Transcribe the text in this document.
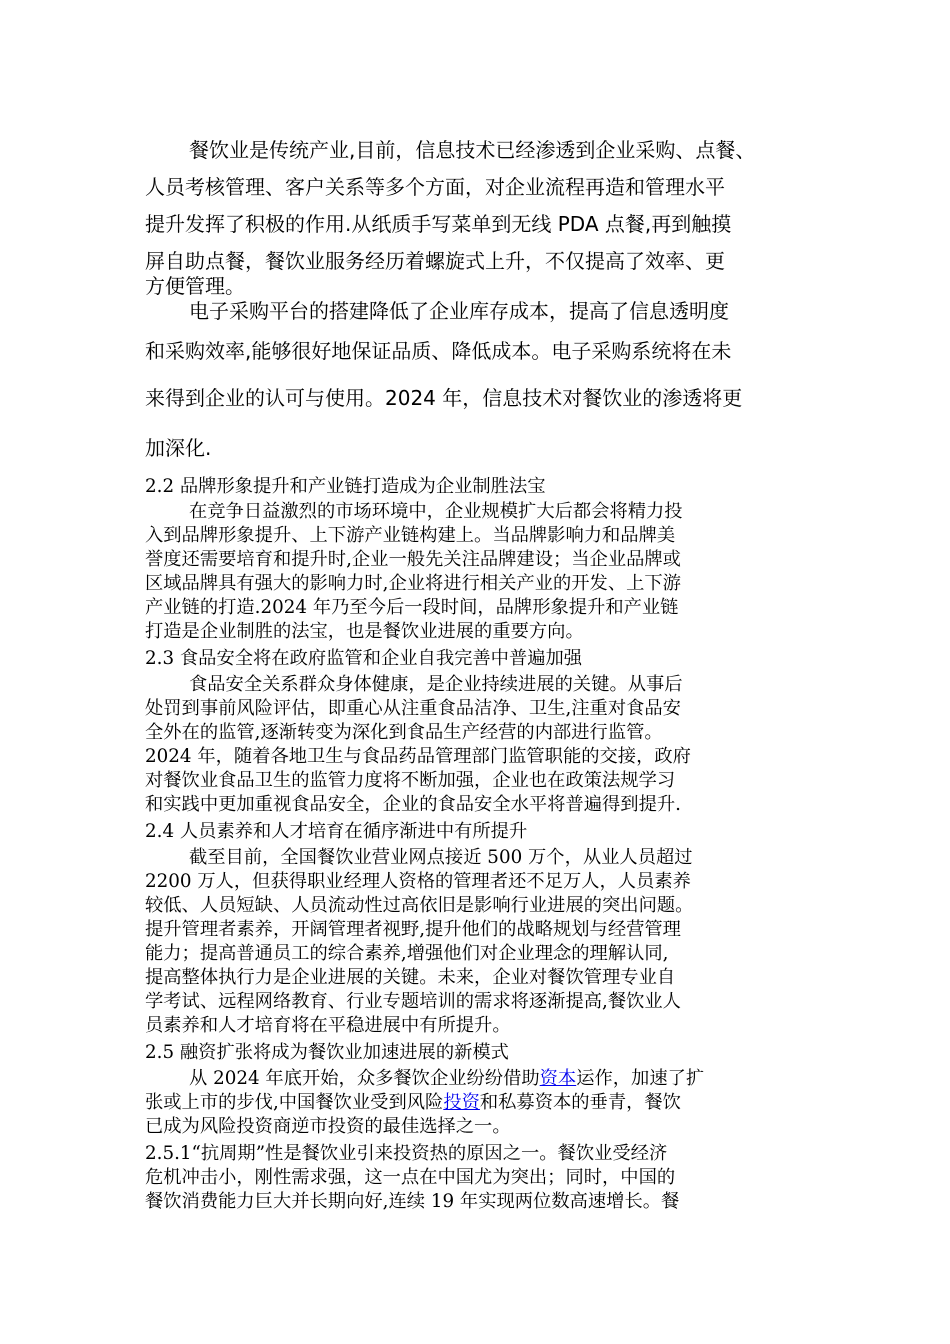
餐饮业是传统产业,目前，信息技术已经渗透到企业采购、点餐、
人员考核管理、客户关系等多个方面，对企业流程再造和管理水平
提升发挥了积极的作用.从纸质手写菜单到无线 PDA 点餐,再到触摸
屏自助点餐，餐饮业服务经历着螺旋式上升，不仅提高了效率、更
方便管理。
电子采购平台的搭建降低了企业库存成本，提高了信息透明度
和采购效率,能够很好地保证品质、降低成本。电子采购系统将在未
来得到企业的认可与使用。2024 年，信息技术对餐饮业的渗透将更
加深化.
2.2 品牌形象提升和产业链打造成为企业制胜法宝
在竞争日益激烈的市场环境中，企业规模扩大后都会将精力投
入到品牌形象提升、上下游产业链构建上。当品牌影响力和品牌美
誉度还需要培育和提升时,企业一般先关注品牌建设；当企业品牌或
区域品牌具有强大的影响力时,企业将进行相关产业的开发、上下游
产业链的打造.2024 年乃至今后一段时间，品牌形象提升和产业链
打造是企业制胜的法宝，也是餐饮业进展的重要方向。
2.3 食品安全将在政府监管和企业自我完善中普遍加强
食品安全关系群众身体健康，是企业持续进展的关键。从事后
处罚到事前风险评估，即重心从注重食品洁净、卫生,注重对食品安
全外在的监管,逐渐转变为深化到食品生产经营的内部进行监管。
2024 年，随着各地卫生与食品药品管理部门监管职能的交接，政府
对餐饮业食品卫生的监管力度将不断加强，企业也在政策法规学习
和实践中更加重视食品安全，企业的食品安全水平将普遍得到提升.
2.4 人员素养和人才培育在循序渐进中有所提升
截至目前，全国餐饮业营业网点接近 500 万个，从业人员超过
2200 万人，但获得职业经理人资格的管理者还不足万人，人员素养
较低、人员短缺、人员流动性过高依旧是影响行业进展的突出问题。
提升管理者素养，开阔管理者视野,提升他们的战略规划与经营管理
能力；提高普通员工的综合素养,增强他们对企业理念的理解认同,
提高整体执行力是企业进展的关键。未来，企业对餐饮管理专业自
学考试、远程网络教育、行业专题培训的需求将逐渐提高,餐饮业人
员素养和人才培育将在平稳进展中有所提升。
2.5 融资扩张将成为餐饮业加速进展的新模式
从 2024 年底开始，众多餐饮企业纷纷借助资本运作，加速了扩
张或上市的步伐,中国餐饮业受到风险投资和私募资本的垂青，餐饮
已成为风险投资商逆市投资的最佳选择之一。
2.5.1“抗周期”性是餐饮业引来投资热的原因之一。餐饮业受经济
危机冲击小，刚性需求强，这一点在中国尤为突出；同时，中国的
餐饮消费能力巨大并长期向好,连续 19 年实现两位数高速增长。餐
